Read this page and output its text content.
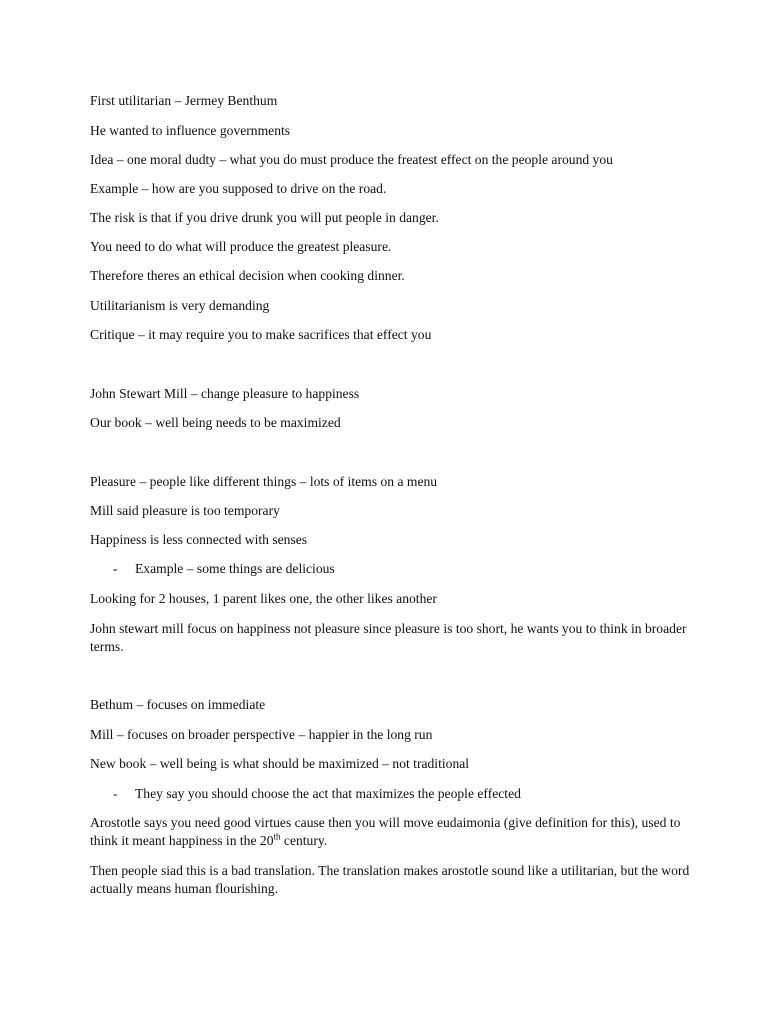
First utilitarian – Jermey Benthum

He wanted to influence governments

Idea – one moral dudty – what you do must produce the freatest effect on the people around you

Example – how are you supposed to drive on the road.

The risk is that if you drive drunk you will put people in danger.

You need to do what will produce the greatest pleasure.

Therefore theres an ethical decision when cooking dinner.

Utilitarianism is very demanding

Critique – it may require you to make sacrifices that effect you

John Stewart Mill – change pleasure to happiness

Our book – well being needs to be maximized

Pleasure – people like different things – lots of items on a menu

Mill said pleasure is too temporary

Happiness is less connected with senses

- Example – some things are delicious

Looking for 2 houses, 1 parent likes one, the other likes another

John stewart mill focus on happiness not pleasure since pleasure is too short, he wants you to think in broader terms.

Bethum – focuses on immediate

Mill – focuses on broader perspective – happier in the long run

New book – well being is what should be maximized – not traditional

- They say you should choose the act that maximizes the people effected

Arostotle says you need good virtues cause then you will move eudaimonia (give definition for this), used to think it meant happiness in the 20th century.

Then people siad this is a bad translation. The translation makes arostotle sound like a utilitarian, but the word actually means human flourishing.
